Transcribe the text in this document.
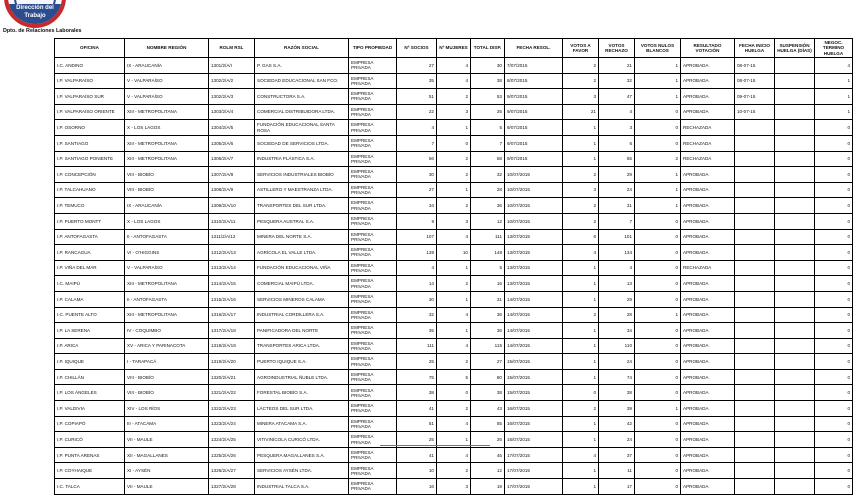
Dirección del
Trabajo
Dpto. de Relaciones Laborales
OFICINA	NOMBRE REGIÓN	ROLM RSL	RAZÓN SOCIAL	TIPO PROPIEDAD	Nº SOCIOS	Nº MUJERES	TOTAL DISP.	FECHA RESOL.	VOTOS A FAVOR	VOTOS RECHAZO	VOTOS NULOS BLANCOS	RESULTADO VOTACIÓN	FECHA INICIO HUELGA	SUSPENSIÓN HUELGA (DÍAS)	NEGOC. TERMINO HUELGA
I.C. ANDINO	IX - ARAUCANÍA	1301/2/A/I	P. GAS S.A.	EMPRESA PRIVADA	27	4	30	7/07/2015	2	21	1	APROBADA	08-07-15		4
I.P. VALPARAÍSO	V - VALPARAÍSO	1302/2/A/2	SOCIEDAD EDUCACIONAL SAN FCO.	EMPRESA PRIVADA	35	4	38	8/07/2015	2	32	1	APROBADA	08-07-15		1
I.P. VALPARAÍSO SUR	V - VALPARAÍSO	1302/2/A/3	CONSTRUCTORA S.A.	EMPRESA PRIVADA	51	2	53	9/07/2015	3	47	1	APROBADA	09-07-15		1
I.P. VALPARAÍSO ORIENTE	XIII - METROPOLITANA	1303/2/A/4	COMERCIAL DISTRIBUIDORA LTDA.	EMPRESA PRIVADA	22	3	25	9/07/2015	21	4	0	APROBADA	10-07-15		1
I.P. OSORNO	X - LOS LAGOS	1304/2/A/5	FUNDACIÓN EDUCACIONAL SANTA ROSA	EMPRESA PRIVADA	4	1	5	9/07/2015	1	3	0	RECHAZADA			0
I.P. SANTIAGO	XIII - METROPOLITANA	1305/2/A/6	SOCIEDAD DE SERVICIOS LTDA.	EMPRESA PRIVADA	7	0	7	9/07/2015	1	6	0	RECHAZADA			0
I.P. SANTIAGO PONIENTE	XIII - METROPOLITANA	1306/2/A/7	INDUSTRIA PLÁSTICA S.A.	EMPRESA PRIVADA	56	2	58	9/07/2015	1	55	2	RECHAZADA			0
I.P. CONCEPCIÓN	VIII - BIOBÍO	1307/2/A/8	SERVICIOS INDUSTRIALES BIOBÍO	EMPRESA PRIVADA	30	2	32	10/07/2015	2	29	1	APROBADA			0
I.P. TALCAHUANO	VIII - BIOBÍO	1308/2/A/9	ASTILLERO Y MAESTRANZA LTDA.	EMPRESA PRIVADA	27	1	28	10/07/2015	3	24	1	APROBADA			0
I.P. TEMUCO	IX - ARAUCANÍA	1309/2/A/10	TRANSPORTES DEL SUR LTDA.	EMPRESA PRIVADA	34	2	36	10/07/2015	2	31	1	APROBADA			0
I.P. PUERTO MONTT	X - LOS LAGOS	1310/2/A/11	PESQUERA AUSTRAL S.A.	EMPRESA PRIVADA	9	3	12	10/07/2015	2	7	0	APROBADA			0
I.P. ANTOFAGASTA	II - ANTOFAGASTA	1311/2/A/12	MINERA DEL NORTE S.A.	EMPRESA PRIVADA	107	4	111	13/07/2015	6	101	0	APROBADA			0
I.P. RANCAGUA	VI - O'HIGGINS	1312/2/A/13	AGRÍCOLA EL VALLE LTDA.	EMPRESA PRIVADA	138	10	148	13/07/2015	4	134	0	APROBADA			0
I.P. VIÑA DEL MAR	V - VALPARAÍSO	1313/2/A/14	FUNDACIÓN EDUCACIONAL VIÑA	EMPRESA PRIVADA	4	1	5	13/07/2015	1	4	0	RECHAZADA			0
I.C. MAIPÚ	XIII - METROPOLITANA	1314/2/A/15	COMERCIAL MAIPÚ LTDA.	EMPRESA PRIVADA	14	2	16	13/07/2015	1	13	0	APROBADA			0
I.P. CALAMA	II - ANTOFAGASTA	1315/2/A/16	SERVICIOS MINEROS CALAMA	EMPRESA PRIVADA	30	1	31	14/07/2015	1	29	0	APROBADA			0
I.C. PUENTE ALTO	XIII - METROPOLITANA	1316/2/A/17	INDUSTRIAL CORDILLERA S.A.	EMPRESA PRIVADA	32	4	36	14/07/2015	2	28	1	APROBADA			0
I.P. LA SERENA	IV - COQUIMBO	1317/2/A/18	PANIFICADORA DEL NORTE	EMPRESA PRIVADA	35	1	36	14/07/2015	1	34	0	APROBADA			0
I.P. ARICA	XV - ARICA Y PARINACOTA	1318/2/A/19	TRANSPORTES ARICA LTDA.	EMPRESA PRIVADA	111	4	115	14/07/2015	1	110	0	APROBADA			0
I.P. IQUIQUE	I - TARAPACÁ	1319/2/A/20	PUERTO IQUIQUE S.A.	EMPRESA PRIVADA	25	2	27	15/07/2015	1	24	0	APROBADA			0
I.P. CHILLÁN	VIII - BIOBÍO	1320/2/A/21	AGROINDUSTRIAL ÑUBLE LTDA.	EMPRESA PRIVADA	75	5	80	15/07/2015	1	74	0	APROBADA			0
I.P. LOS ÁNGELES	VIII - BIOBÍO	1321/2/A/22	FORESTAL BIOBÍO S.A.	EMPRESA PRIVADA	38	0	38	15/07/2015	0	38	0	APROBADA			0
I.P. VALDIVIA	XIV - LOS RÍOS	1322/2/A/23	LÁCTEOS DEL SUR LTDA.	EMPRESA PRIVADA	41	2	43	16/07/2015	2	39	1	APROBADA			0
I.P. COPIAPÓ	III - ATACAMA	1323/2/A/24	MINERA ATACAMA S.A.	EMPRESA PRIVADA	51	4	55	16/07/2015	1	42	0	APROBADA			0
I.P. CURICÓ	VII - MAULE	1324/2/A/25	VITIVINÍCOLA CURICÓ LTDA.	EMPRESA PRIVADA	25	1	26	16/07/2015	1	24	0	APROBADA			0
I.P. PUNTA ARENAS	XII - MAGALLANES	1325/2/A/26	PESQUERA MAGALLANES S.A.	EMPRESA PRIVADA	41	4	45	17/07/2015	4	37	0	APROBADA			0
I.P. COYHAIQUE	XI - AYSÉN	1326/2/A/27	SERVICIOS AYSÉN LTDA.	EMPRESA PRIVADA	10	2	12	17/07/2015	1	11	0	APROBADA			0
I.C. TALCA	VII - MAULE	1327/2/A/28	INDUSTRIAL TALCA S.A.	EMPRESA PRIVADA	16	3	19	17/07/2015	1	17	0	APROBADA			0
